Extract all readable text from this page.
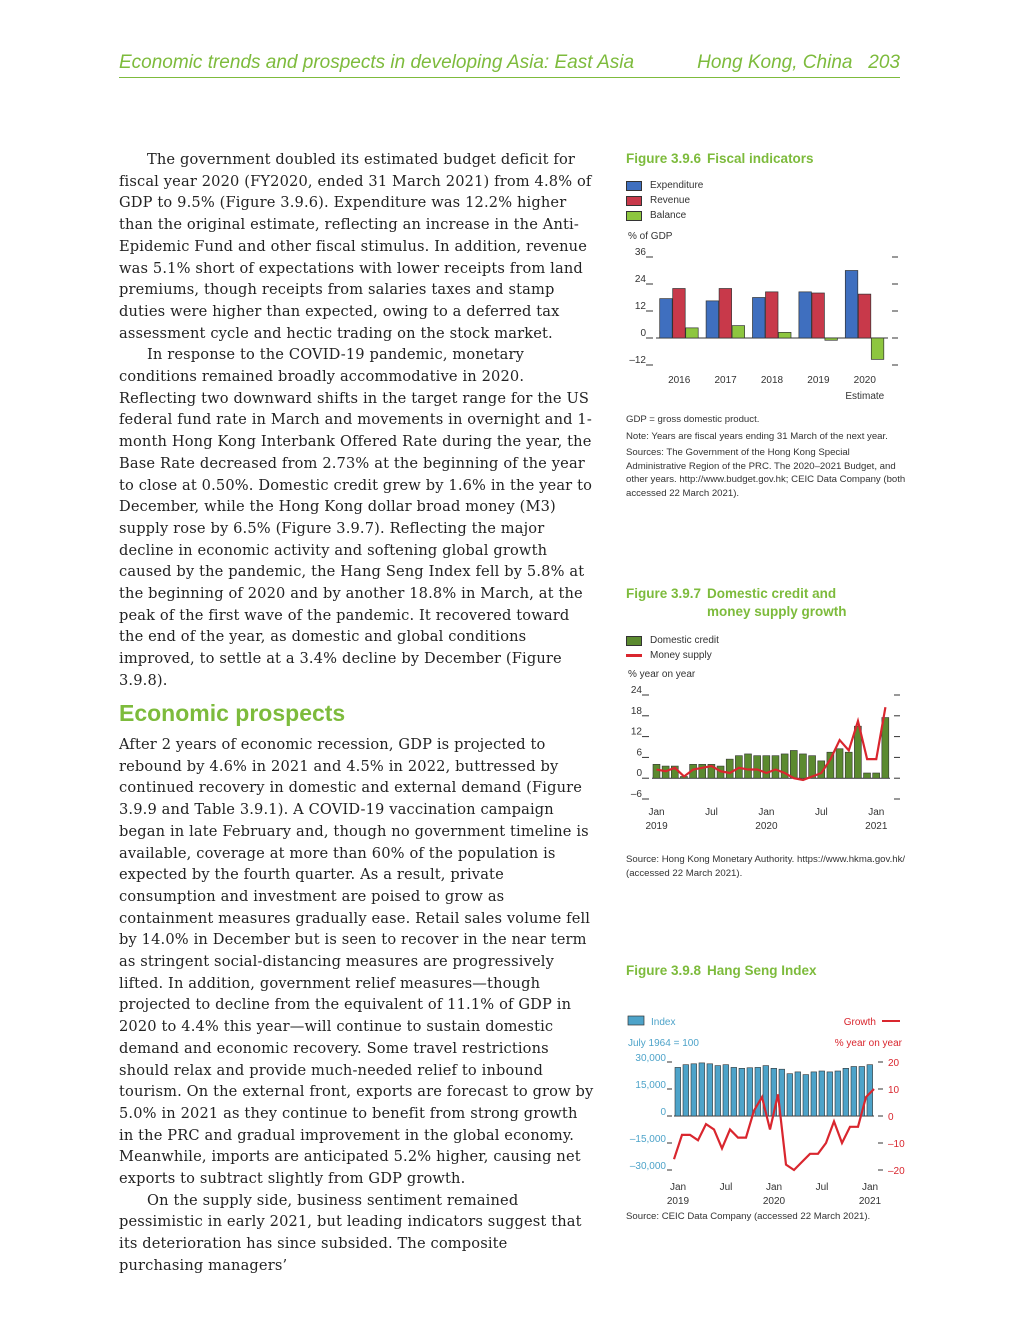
Economic trends and prospects in developing Asia: East Asia	Hong Kong, China 203

The government doubled its estimated budget deficit for fiscal year 2020 (FY2020, ended 31 March 2021) from 4.8% of GDP to 9.5% (Figure 3.9.6). Expenditure was 12.2% higher than the original estimate, reflecting an increase in the Anti-Epidemic Fund and other fiscal stimulus. In addition, revenue was 5.1% short of expectations with lower receipts from land premiums, though receipts from salaries taxes and stamp duties were higher than expected, owing to a deferred tax assessment cycle and hectic trading on the stock market.

In response to the COVID-19 pandemic, monetary conditions remained broadly accommodative in 2020. Reflecting two downward shifts in the target range for the US federal fund rate in March and movements in overnight and 1-month Hong Kong Interbank Offered Rate during the year, the Base Rate decreased from 2.73% at the beginning of the year to close at 0.50%. Domestic credit grew by 1.6% in the year to December, while the Hong Kong dollar broad money (M3) supply rose by 6.5% (Figure 3.9.7). Reflecting the major decline in economic activity and softening global growth caused by the pandemic, the Hang Seng Index fell by 5.8% at the beginning of 2020 and by another 18.8% in March, at the peak of the first wave of the pandemic. It recovered toward the end of the year, as domestic and global conditions improved, to settle at a 3.4% decline by December (Figure 3.9.8).

Economic prospects

After 2 years of economic recession, GDP is projected to rebound by 4.6% in 2021 and 4.5% in 2022, buttressed by continued recovery in domestic and external demand (Figure 3.9.9 and Table 3.9.1). A COVID-19 vaccination campaign began in late February and, though no government timeline is available, coverage at more than 60% of the population is expected by the fourth quarter. As a result, private consumption and investment are poised to grow as containment measures gradually ease. Retail sales volume fell by 14.0% in December but is seen to recover in the near term as stringent social-distancing measures are progressively lifted. In addition, government relief measures—though projected to decline from the equivalent of 11.1% of GDP in 2020 to 4.4% this year—will continue to sustain domestic demand and economic recovery. Some travel restrictions should relax and provide much-needed relief to inbound tourism. On the external front, exports are forecast to grow by 5.0% in 2021 as they continue to benefit from strong growth in the PRC and gradual improvement in the global economy. Meanwhile, imports are anticipated 5.2% higher, causing net exports to subtract slightly from GDP growth.

On the supply side, business sentiment remained pessimistic in early 2021, but leading indicators suggest that its deterioration has since subsided. The composite purchasing managers’

Figure 3.9.6 Fiscal indicators
Expenditure
Revenue
Balance
% of GDP
–12
0
12
24
36
2016 2017 2018 2019 2020
Estimate
GDP = gross domestic product.
Note: Years are fiscal years ending 31 March of the next year.
Sources: The Government of the Hong Kong Special Administrative Region of the PRC. The 2020–2021 Budget, and other years. http://www.budget.gov.hk; CEIC Data Company (both accessed 22 March 2021).
Figure 3.9.7 Domestic credit and money supply growth
Domestic credit
Money supply
% year on year
–6
0
6
12
18
24
Jan
2019
Jul	Jan
2020
Jul	Jan
2021
Source: Hong Kong Monetary Authority. https://www.hkma.gov.hk/ (accessed 22 March 2021).
Figure 3.9.8 Hang Seng Index
Index	Growth
July 1964 = 100	% year on year
30,000
15,000
0
–15,000
–30,000
20
10
0
–10
–20
Jan
2019
Jul	Jan
2020
Jul	Jan
2021
Source: CEIC Data Company (accessed 22 March 2021).
